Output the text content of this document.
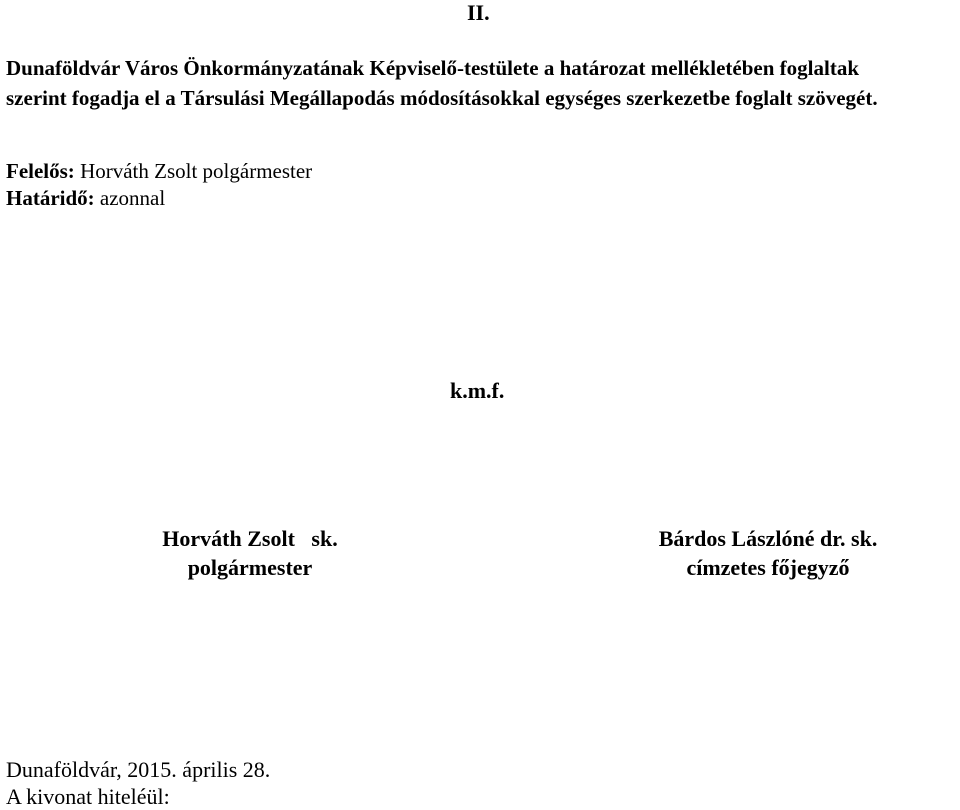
II.

Dunaföldvár Város Önkormányzatának Képviselő-testülete a határozat mellékletében foglaltak
szerint fogadja el a Társulási Megállapodás módosításokkal egységes szerkezetbe foglalt szövegét.

Felelős: Horváth Zsolt polgármester

Határidő: azonnal

k.m.f.

Horváth Zsolt   sk.
polgármester
Bárdos Lászlóné dr. sk.
címzetes főjegyző

Dunaföldvár, 2015. április 28.

A kivonat hiteléül:
